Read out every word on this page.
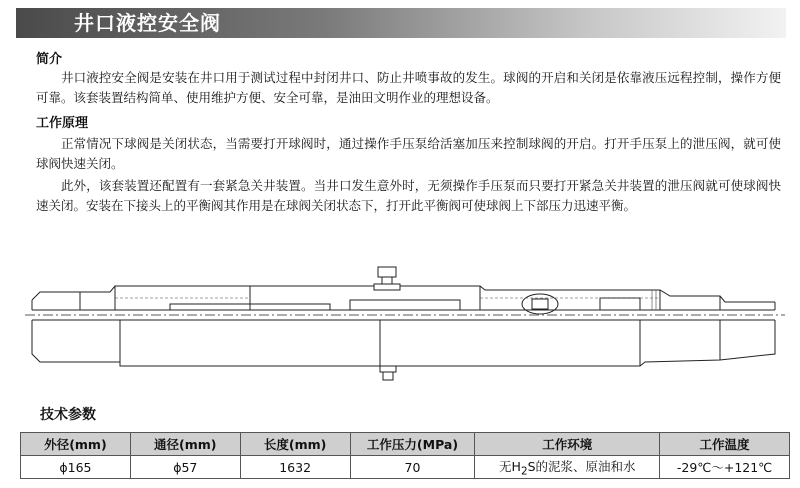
井口液控安全阀
简介
井口液控安全阀是安装在井口用于测试过程中封闭井口、防止井喷事故的发生。球阀的开启和关闭是依靠液压远程控制，操作方便可靠。该套装置结构简单、使用维护方便、安全可靠，是油田文明作业的理想设备。
工作原理
正常情况下球阀是关闭状态，当需要打开球阀时，通过操作手压泵给活塞加压来控制球阀的开启。打开手压泵上的泄压阀，就可使球阀快速关闭。
此外，该套装置还配置有一套紧急关井装置。当井口发生意外时，无须操作手压泵而只要打开紧急关井装置的泄压阀就可使球阀快速关闭。安装在下接头上的平衡阀其作用是在球阀关闭状态下，打开此平衡阀可使球阀上下部压力迅速平衡。
技术参数
外径(mm)	通径(mm)	长度(mm)	工作压力(MPa)	工作环境	工作温度
ϕ165	ϕ57	1632	70	无$H_2S$的泥浆、原油和水	-29℃～+121℃
